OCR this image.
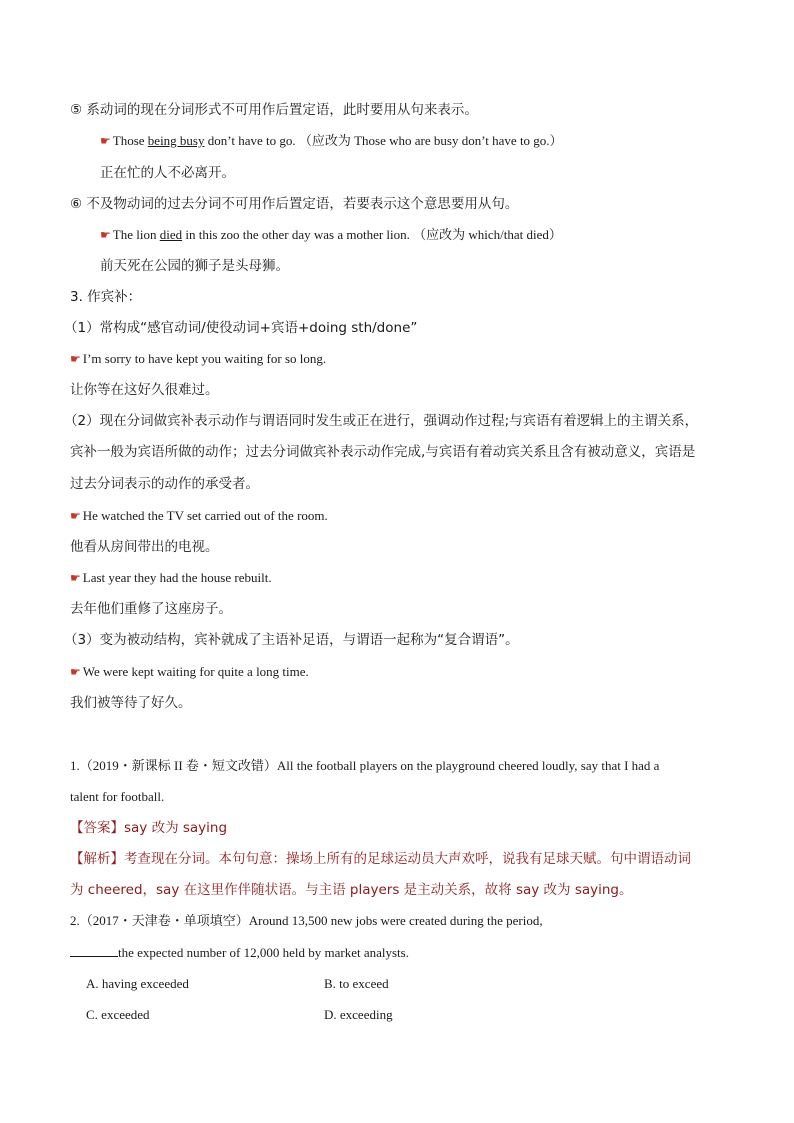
⑤ 系动词的现在分词形式不可用作后置定语，此时要用从句来表示。
☛ Those being busy don’t have to go. （应改为 Those who are busy don’t have to go.）
正在忙的人不必离开。
⑥ 不及物动词的过去分词不可用作后置定语，若要表示这个意思要用从句。
☛ The lion died in this zoo the other day was a mother lion. （应改为 which/that died）
前天死在公园的狮子是头母狮。
3. 作宾补：
（1）常构成“感官动词/使役动词+宾语+doing sth/done”
☛ I’m sorry to have kept you waiting for so long.
让你等在这好久很难过。
（2）现在分词做宾补表示动作与谓语同时发生或正在进行，强调动作过程;与宾语有着逻辑上的主谓关系，
宾补一般为宾语所做的动作；过去分词做宾补表示动作完成,与宾语有着动宾关系且含有被动意义，宾语是
过去分词表示的动作的承受者。
☛ He watched the TV set carried out of the room.
他看从房间带出的电视。
☛ Last year they had the house rebuilt.
去年他们重修了这座房子。
（3）变为被动结构，宾补就成了主语补足语，与谓语一起称为“复合谓语”。
☛ We were kept waiting for quite a long time.
我们被等待了好久。
1.（2019・新课标 II 卷・短文改错）All the football players on the playground cheered loudly, say that I had a
talent for football.
【答案】say 改为 saying
【解析】考查现在分词。本句句意：操场上所有的足球运动员大声欢呼，说我有足球天赋。句中谓语动词
为 cheered，say 在这里作伴随状语。与主语 players 是主动关系，故将 say 改为 saying。
2.（2017・天津卷・单项填空）Around 13,500 new jobs were created during the period,
the expected number of 12,000 held by market analysts.
A. having exceeded	B. to exceed
C. exceeded	D. exceeding
